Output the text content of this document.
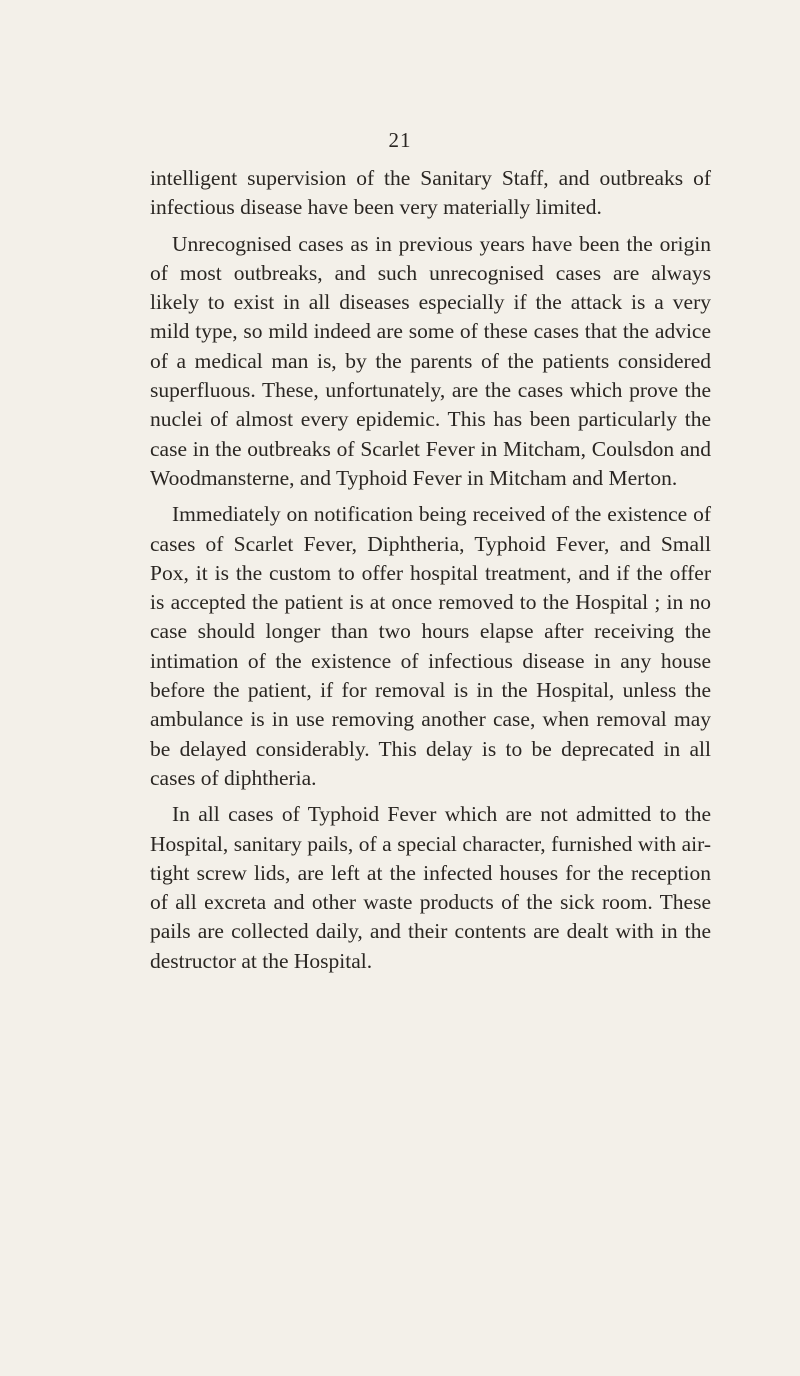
21

intelligent supervision of the Sanitary Staff, and outbreaks of infectious disease have been very materially limited.

Unrecognised cases as in previous years have been the origin of most outbreaks, and such unrecognised cases are always likely to exist in all diseases especially if the attack is a very mild type, so mild indeed are some of these cases that the advice of a medical man is, by the parents of the patients considered superfluous. These, unfortunately, are the cases which prove the nuclei of almost every epidemic. This has been particularly the case in the outbreaks of Scarlet Fever in Mitcham, Coulsdon and Woodmansterne, and Typhoid Fever in Mitcham and Merton.

Immediately on notification being received of the existence of cases of Scarlet Fever, Diphtheria, Typhoid Fever, and Small Pox, it is the custom to offer hospital treatment, and if the offer is accepted the patient is at once removed to the Hospital ; in no case should longer than two hours elapse after receiving the intimation of the existence of infectious disease in any house before the patient, if for removal is in the Hospital, unless the ambulance is in use removing another case, when removal may be delayed considerably. This delay is to be deprecated in all cases of diphtheria.

In all cases of Typhoid Fever which are not admitted to the Hospital, sanitary pails, of a special character, furnished with air-tight screw lids, are left at the infected houses for the reception of all excreta and other waste products of the sick room. These pails are collected daily, and their contents are dealt with in the destructor at the Hospital.
